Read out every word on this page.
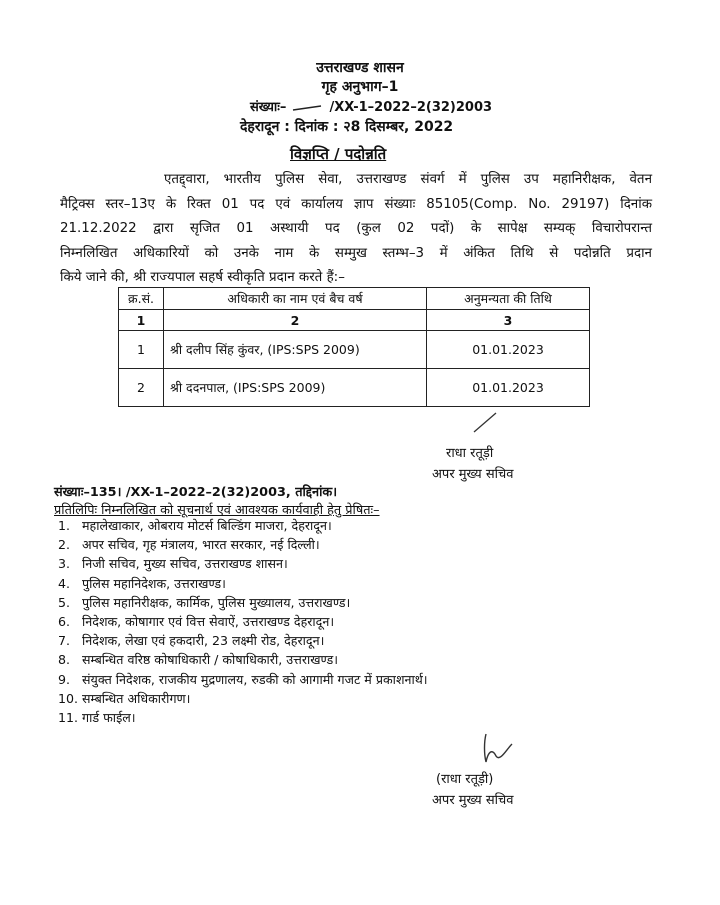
उत्तराखण्ड शासन
गृह अनुभाग–1
संख्याः–	/XX-1–2022–2(32)2003
देहरादून : दिनांक : २8 दिसम्बर, 2022
विज्ञप्ति / पदोन्नति
एतद्द्वारा, भारतीय पुलिस सेवा, उत्तराखण्ड संवर्ग में पुलिस उप महानिरीक्षक, वेतन
मैट्रिक्स स्तर–13ए के रिक्त 01 पद एवं कार्यालय ज्ञाप संख्याः 85105(Comp. No. 29197) दिनांक
21.12.2022 द्वारा सृजित 01 अस्थायी पद (कुल 02 पदों) के सापेक्ष सम्यक् विचारोपरान्त
निम्नलिखित अधिकारियों को उनके नाम के सम्मुख स्तम्भ–3 में अंकित तिथि से पदोन्नति प्रदान
किये जाने की, श्री राज्यपाल सहर्ष स्वीकृति प्रदान करते हैं:–
क्र.सं.	अधिकारी का नाम एवं बैच वर्ष	अनुमन्यता की तिथि
1	2	3
1	श्री दलीप सिंह कुंवर, (IPS:SPS 2009)	01.01.2023
2	श्री ददनपाल, (IPS:SPS 2009)	01.01.2023
राधा रतूड़ी
अपर मुख्य सचिव
संख्याः–135। /XX-1–2022–2(32)2003, तद्दिनांक।
प्रतिलिपिः निम्नलिखित को सूचनार्थ एवं आवश्यक कार्यवाही हेतु प्रेषितः–
1. महालेखाकार, ओबराय मोटर्स बिल्डिंग माजरा, देहरादून।
2. अपर सचिव, गृह मंत्रालय, भारत सरकार, नई दिल्ली।
3. निजी सचिव, मुख्य सचिव, उत्तराखण्ड शासन।
4. पुलिस महानिदेशक, उत्तराखण्ड।
5. पुलिस महानिरीक्षक, कार्मिक, पुलिस मुख्यालय, उत्तराखण्ड।
6. निदेशक, कोषागार एवं वित्त सेवाऐं, उत्तराखण्ड देहरादून।
7. निदेशक, लेखा एवं हकदारी, 23 लक्ष्मी रोड, देहरादून।
8. सम्बन्धित वरिष्ठ कोषाधिकारी / कोषाधिकारी, उत्तराखण्ड।
9. संयुक्त निदेशक, राजकीय मुद्रणालय, रुडकी को आगामी गजट में प्रकाशनार्थ।
10. सम्बन्धित अधिकारीगण।
11. गार्ड फाईल।
(राधा रतूड़ी)
अपर मुख्य सचिव
